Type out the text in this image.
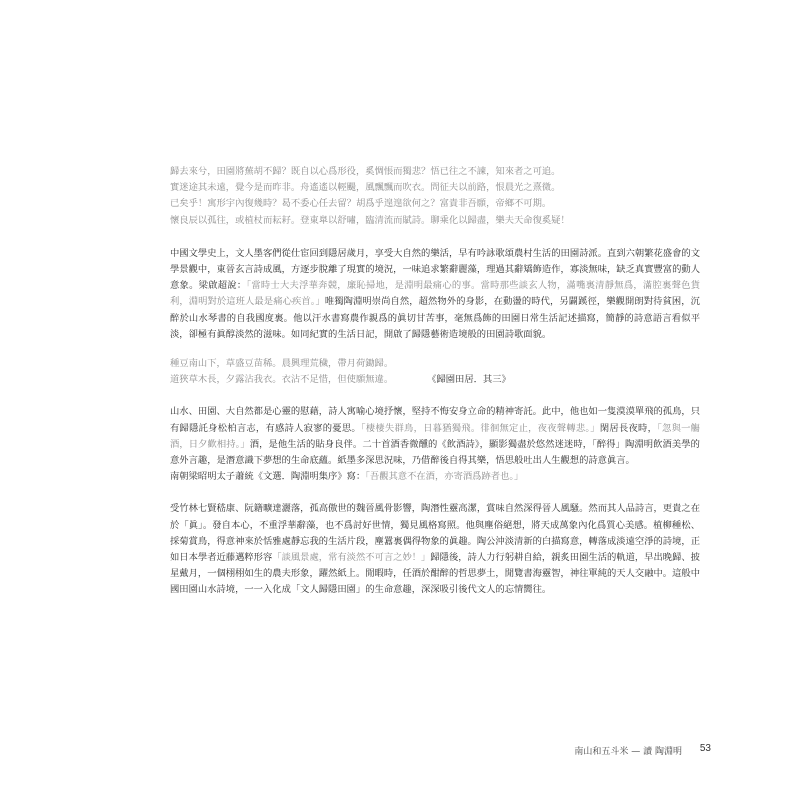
歸去來兮，田園將蕪胡不歸？既自以心爲形役，奚惆悵而獨悲？悟已往之不諫，知來者之可追。

實迷途其未遠，覺今是而昨非。舟遙遙以輕颺，風飄飄而吹衣。問征夫以前路，恨晨光之熹微。

已矣乎！寓形宇內復幾時？曷不委心任去留？胡爲乎遑遑欲何之？富貴非吾願，帝鄉不可期。

懷良辰以孤往，或植杖而耘耔。登東臯以舒嘯，臨清流而賦詩。聊乘化以歸盡，樂夫天命復奚疑！

中國文學史上，文人墨客們從仕宦回到隱居歲月，享受大自然的樂活，早有吟詠歌頌農村生活的田園詩派。直到六朝繁花盛會的文學景觀中，東晉玄言詩成風，方逐步脫離了現實的境況，一味追求繁辭麗藻，理過其辭矯飾造作，寡淡無味，缺乏真實豐富的動人意象。梁啟超說：「當時士大夫浮華奔競，廉恥掃地，是淵明最痛心的事。當時那些談玄人物，滿嘴裏清靜無爲，滿腔裏聲色貨利，淵明對於這班人最是痛心疾首。」唯獨陶淵明崇尚自然，超然物外的身影，在動盪的時代，另闢蹊徑，樂觀開朗對待貧困，沉醉於山水琴書的自我國度裏。他以汗水書寫農作親爲的眞切甘苦事，毫無爲飾的田園日常生活記述描寫，簡靜的詩意語言看似平淡，卻極有眞醇淡然的滋味。如同紀實的生活日記，開啟了歸隱藝術造境般的田園詩歌面貌。

種豆南山下，草盛豆苗稀。晨興理荒穢，帶月荷鋤歸。

道狹草木長，夕露沾我衣。衣沾不足惜，但使願無違。	《歸園田居．其三》

山水、田園、大自然都是心靈的慰藉，詩人寓喻心境抒懷，堅持不悔安身立命的精神寄託。此中，他也如一隻漠漠單飛的孤鳥，只有歸隱託身松柏言志，有感詩人寂寥的憂思。「棲棲失群鳥，日暮猶獨飛。徘徊無定止，夜夜聲轉悲。」閑居長夜時，「忽與一觴酒，日夕歡相持。」酒，是他生活的貼身良伴。二十首酒香微醺的《飲酒詩》，顯影獨盡於悠然迷迷時，「醉得」陶淵明飲酒美學的意外言趣，是潛意識下夢想的生命底蘊。紙墨多深思況味，乃借醉後自得其樂，悟思般吐出人生觀想的詩意眞言。

南朝梁昭明太子蕭統《文選．陶淵明集序》寫：「吾觀其意不在酒，亦寄酒爲跡者也。」

受竹林七賢嵇康、阮籍曠達灑落，孤高傲世的魏晉風骨影響，陶潛性靈高潔，賞味自然深得晉人風騷。然而其人品詩言，更貴之在於「眞」。發自本心，不重浮華辭藻，也不爲討好世情，獨見風格寫照。他與塵俗絕想，將天成萬象內化爲質心美感。植柳種松、採菊賞鳥，得意神來於恬雅處靜忘我的生活片段，塵囂裏偶得物象的眞趣。陶公沖淡清新的白描寫意，轉落成淡遠空淨的詩境，正如日本學者近藤邁粹形容「談風景處，常有淡然不可言之妙！」歸隱後，詩人力行躬耕自給，親炙田園生活的軌道，早出晚歸、披星戴月，一個栩栩如生的農夫形象，躍然紙上。閒暇時，任酒於酣醉的哲思夢土，閒覽書海靈智，神往單純的天人交融中。這般中國田園山水詩境，一一入化成「文人歸隱田園」的生命意趣，深深吸引後代文人的忘情嚮往。

南山和五斗米 — 讀 陶淵明 53
